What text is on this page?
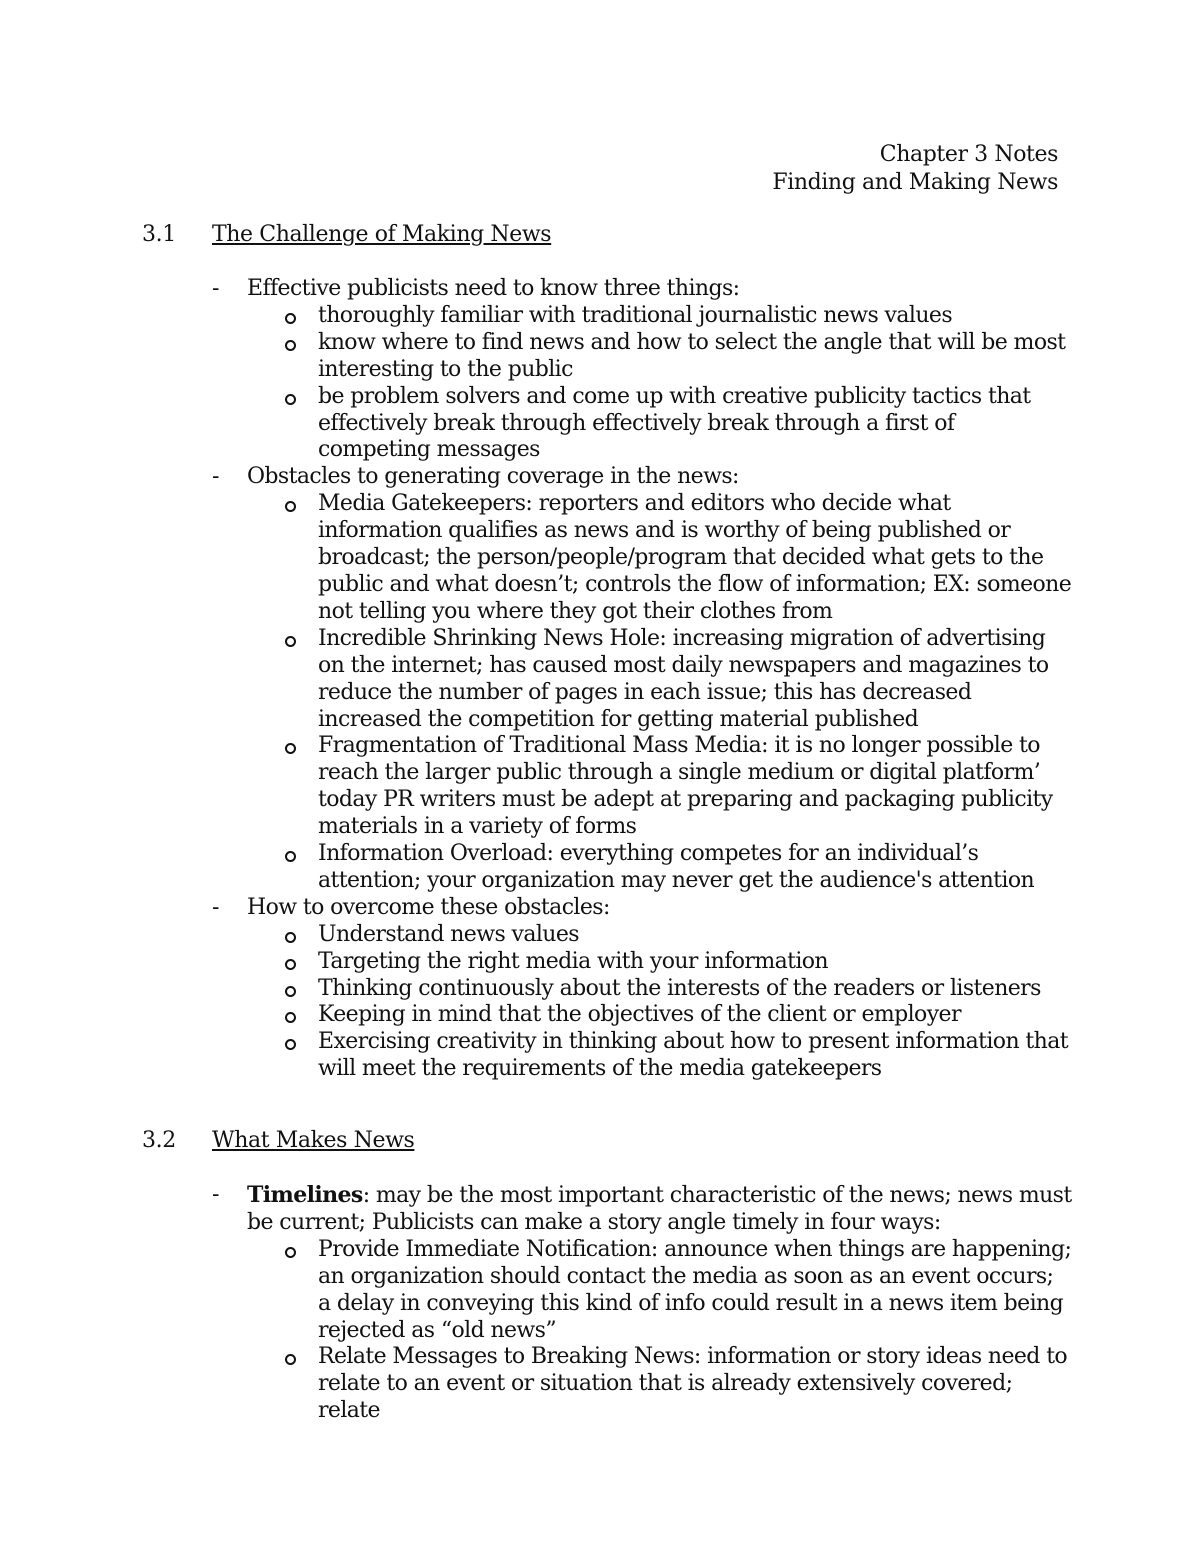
Chapter 3 Notes
Finding and Making News
3.1 The Challenge of Making News
- Effective publicists need to know three things:
thoroughly familiar with traditional journalistic news values
know where to find news and how to select the angle that will be most interesting to the public
be problem solvers and come up with creative publicity tactics that effectively break through effectively break through a first of competing messages
- Obstacles to generating coverage in the news:
Media Gatekeepers: reporters and editors who decide what information qualifies as news and is worthy of being published or broadcast; the person/people/program that decided what gets to the public and what doesn’t; controls the flow of information; EX: someone not telling you where they got their clothes from
Incredible Shrinking News Hole: increasing migration of advertising on the internet; has caused most daily newspapers and magazines to reduce the number of pages in each issue; this has decreased increased the competition for getting material published
Fragmentation of Traditional Mass Media: it is no longer possible to reach the larger public through a single medium or digital platform’ today PR writers must be adept at preparing and packaging publicity materials in a variety of forms
Information Overload: everything competes for an individual’s attention; your organization may never get the audience's attention
- How to overcome these obstacles:
Understand news values
Targeting the right media with your information
Thinking continuously about the interests of the readers or listeners
Keeping in mind that the objectives of the client or employer
Exercising creativity in thinking about how to present information that will meet the requirements of the media gatekeepers
3.2 What Makes News
- Timelines: may be the most important characteristic of the news; news must be current; Publicists can make a story angle timely in four ways:
Provide Immediate Notification: announce when things are happening; an organization should contact the media as soon as an event occurs; a delay in conveying this kind of info could result in a news item being rejected as “old news”
Relate Messages to Breaking News: information or story ideas need to relate to an event or situation that is already extensively covered; relate
